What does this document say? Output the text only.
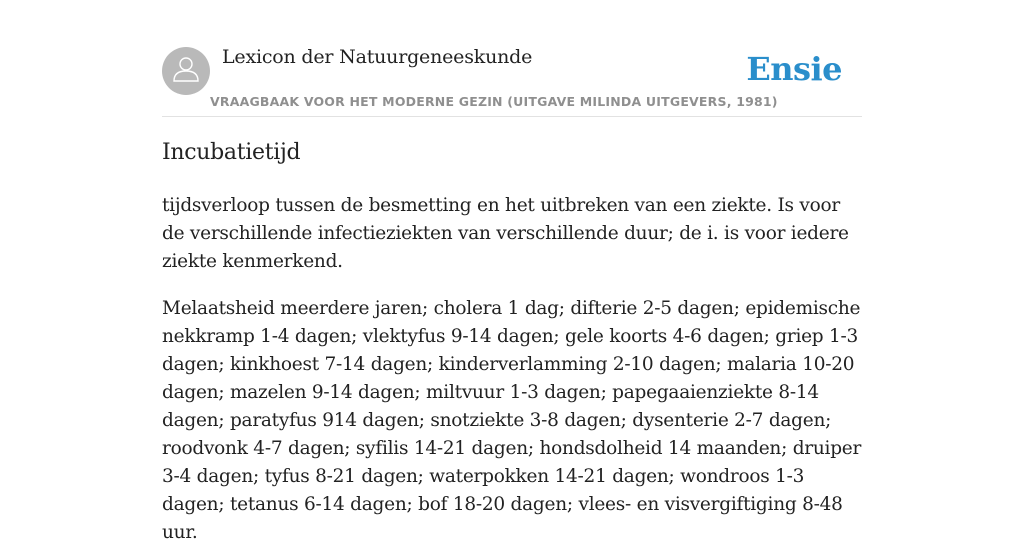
Lexicon der Natuurgeneeskunde
VRAAGBAAK VOOR HET MODERNE GEZIN (UITGAVE MILINDA UITGEVERS, 1981)
Ensie
Incubatietijd

tijdsverloop tussen de besmetting en het uitbreken van een ziekte. Is voor de verschillende infectieziekten van verschillende duur; de i. is voor iedere ziekte kenmerkend.

Melaatsheid meerdere jaren; cholera 1 dag; difterie 2-5 dagen; epidemische nekkramp 1-4 dagen; vlektyfus 9-14 dagen; gele koorts 4-6 dagen; griep 1-3 dagen; kinkhoest 7-14 dagen; kinderverlamming 2-10 dagen; malaria 10-20 dagen; mazelen 9-14 dagen; miltvuur 1-3 dagen; papegaaienziekte 8-14 dagen; paratyfus 914 dagen; snotziekte 3-8 dagen; dysenterie 2-7 dagen; roodvonk 4-7 dagen; syfilis 14-21 dagen; hondsdolheid 14 maanden; druiper 3-4 dagen; tyfus 8-21 dagen; waterpokken 14-21 dagen; wondroos 1-3 dagen; tetanus 6-14 dagen; bof 18-20 dagen; vlees- en visvergiftiging 8-48 uur.
